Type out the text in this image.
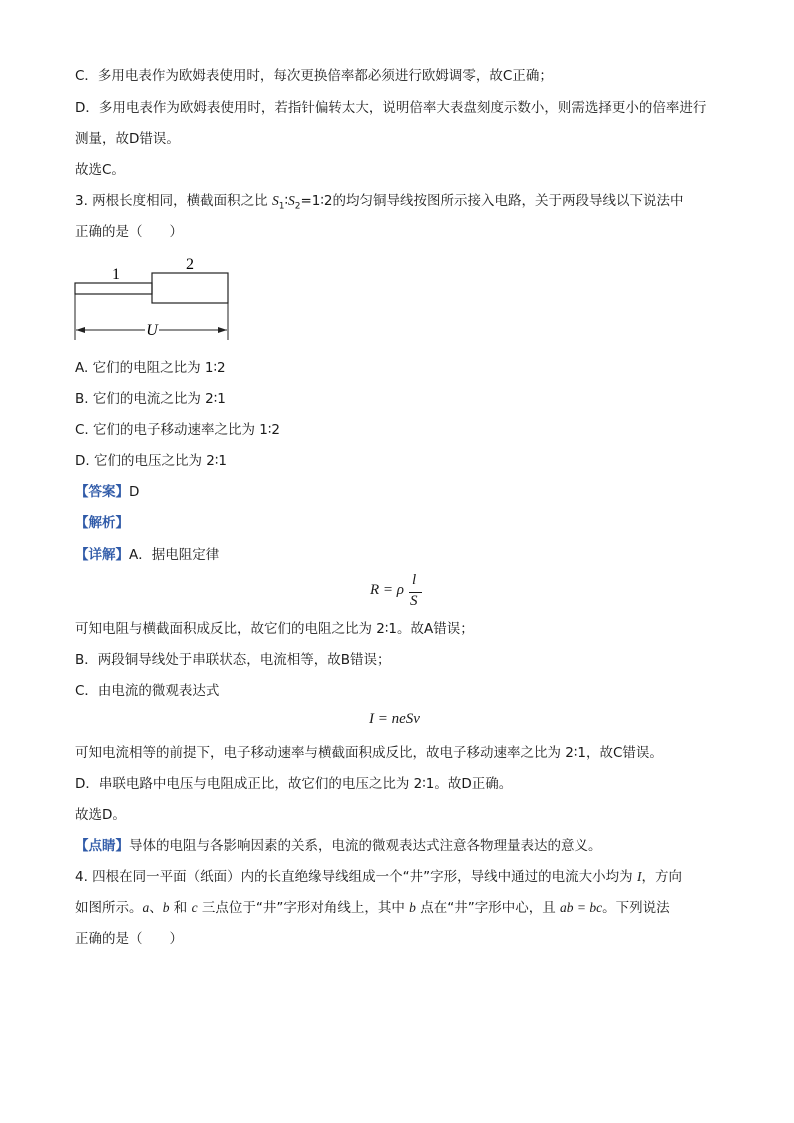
C．多用电表作为欧姆表使用时，每次更换倍率都必须进行欧姆调零，故C正确；
D．多用电表作为欧姆表使用时，若指针偏转太大，说明倍率大表盘刻度示数小，则需选择更小的倍率进行
测量，故D错误。
故选C。
3. 两根长度相同，横截面积之比 $S_1∶S_2=1∶2$的均匀铜导线按图所示接入电路，关于两段导线以下说法中
正确的是（　　）
1
2
U
A. 它们的电阻之比为 1∶2
B. 它们的电流之比为 2∶1
C. 它们的电子移动速率之比为 1∶2
D. 它们的电压之比为 2∶1
【答案】D
【解析】
【详解】A．据电阻定律
R = ρ
l
S
可知电阻与横截面积成反比，故它们的电阻之比为 2∶1。故A错误；
B．两段铜导线处于串联状态，电流相等，故B错误；
C．由电流的微观表达式
I = neSv
可知电流相等的前提下，电子移动速率与横截面积成反比，故电子移动速率之比为 2∶1，故C错误。
D．串联电路中电压与电阻成正比，故它们的电压之比为 2∶1。故D正确。
故选D。
【点睛】导体的电阻与各影响因素的关系，电流的微观表达式注意各物理量表达的意义。
4. 四根在同一平面（纸面）内的长直绝缘导线组成一个“井”字形，导线中通过的电流大小均为 I，方向
如图所示。a、b 和 c 三点位于“井”字形对角线上，其中 b 点在“井”字形中心，且 ab = bc。下列说法
正确的是（　　）
